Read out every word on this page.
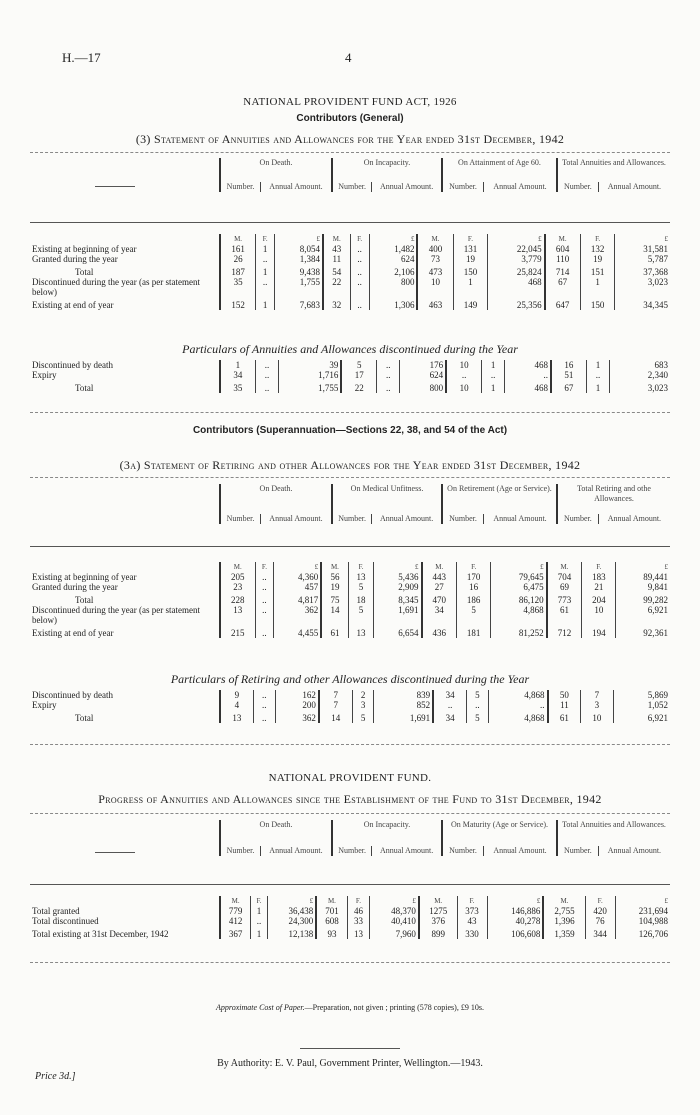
H.—17	4
NATIONAL PROVIDENT FUND ACT, 1926
Contributors (General)
(3) Statement of Annuities and Allowances for the Year ended 31st December, 1942
	On Death.		On Incapacity.		On Attainment of Age 60.		Total Annuities and Allowances.	

	Number.	Annual Amount.	Number.	Annual Amount.	Number.	Annual Amount.	Number.	Annual Amount.
	M.	F.	£	M.	F.	£	M.	F.	£	M.	F.	£
Existing at beginning of year	161	1	8,054	43	..	1,482	400	131	22,045	604	132	31,581
Granted during the year	26	..	1,384	11	..	624	73	19	3,779	110	19	5,787
Total	187	1	9,438	54	..	2,106	473	150	25,824	714	151	37,368
Discontinued during the year (as per statement below)	35	..	1,755	22	..	800	10	1	468	67	1	3,023
Existing at end of year	152	1	7,683	32	..	1,306	463	149	25,356	647	150	34,345
Particulars of Annuities and Allowances discontinued during the Year
Discontinued by death	1	..	39	5	..	176	10	1	468	16	1	683
Expiry	34	..	1,716	17	..	624	..	..	..	51	..	2,340
Total	35	..	1,755	22	..	800	10	1	468	67	1	3,023
Contributors (Superannuation—Sections 22, 38, and 54 of the Act)
(3a) Statement of Retiring and other Allowances for the Year ended 31st December, 1942
	On Death.		On Medical Unfitness.		On Retirement (Age or Service).		Total Retiring and othe Allowances.	

	Number.	Annual Amount.	Number.	Annual Amount.	Number.	Annual Amount.	Number.	Annual Amount.
	M.	F.	£	M.	F.	£	M.	F.	£	M.	F.	£
Existing at beginning of year	205	..	4,360	56	13	5,436	443	170	79,645	704	183	89,441
Granted during the year	23	..	457	19	5	2,909	27	16	6,475	69	21	9,841
Total	228	..	4,817	75	18	8,345	470	186	86,120	773	204	99,282
Discontinued during the year (as per statement below)	13	..	362	14	5	1,691	34	5	4,868	61	10	6,921
Existing at end of year	215	..	4,455	61	13	6,654	436	181	81,252	712	194	92,361
Particulars of Retiring and other Allowances discontinued during the Year
Discontinued by death	9	..	162	7	2	839	34	5	4,868	50	7	5,869
Expiry	4	..	200	7	3	852	..	..	..	11	3	1,052
Total	13	..	362	14	5	1,691	34	5	4,868	61	10	6,921
NATIONAL PROVIDENT FUND.
Progress of Annuities and Allowances since the Establishment of the Fund to 31st December, 1942
	On Death.		On Incapacity.		On Maturity (Age or Service).		Total Annuities and Allowances.	

	Number.	Annual Amount.	Number.	Annual Amount.	Number.	Annual Amount.	Number.	Annual Amount.
	M.	F.	£	M.	F.	£	M.	F.	£	M.	F.	£
Total granted	779	1	36,438	701	46	48,370	1275	373	146,886	2,755	420	231,694
Total discontinued	412	..	24,300	608	33	40,410	376	43	40,278	1,396	76	104,988
Total existing at 31st December, 1942	367	1	12,138	93	13	7,960	899	330	106,608	1,359	344	126,706
Approximate Cost of Paper.—Preparation, not given ; printing (578 copies), £9 10s.
By Authority: E. V. Paul, Government Printer, Wellington.—1943.
Price 3d.]
